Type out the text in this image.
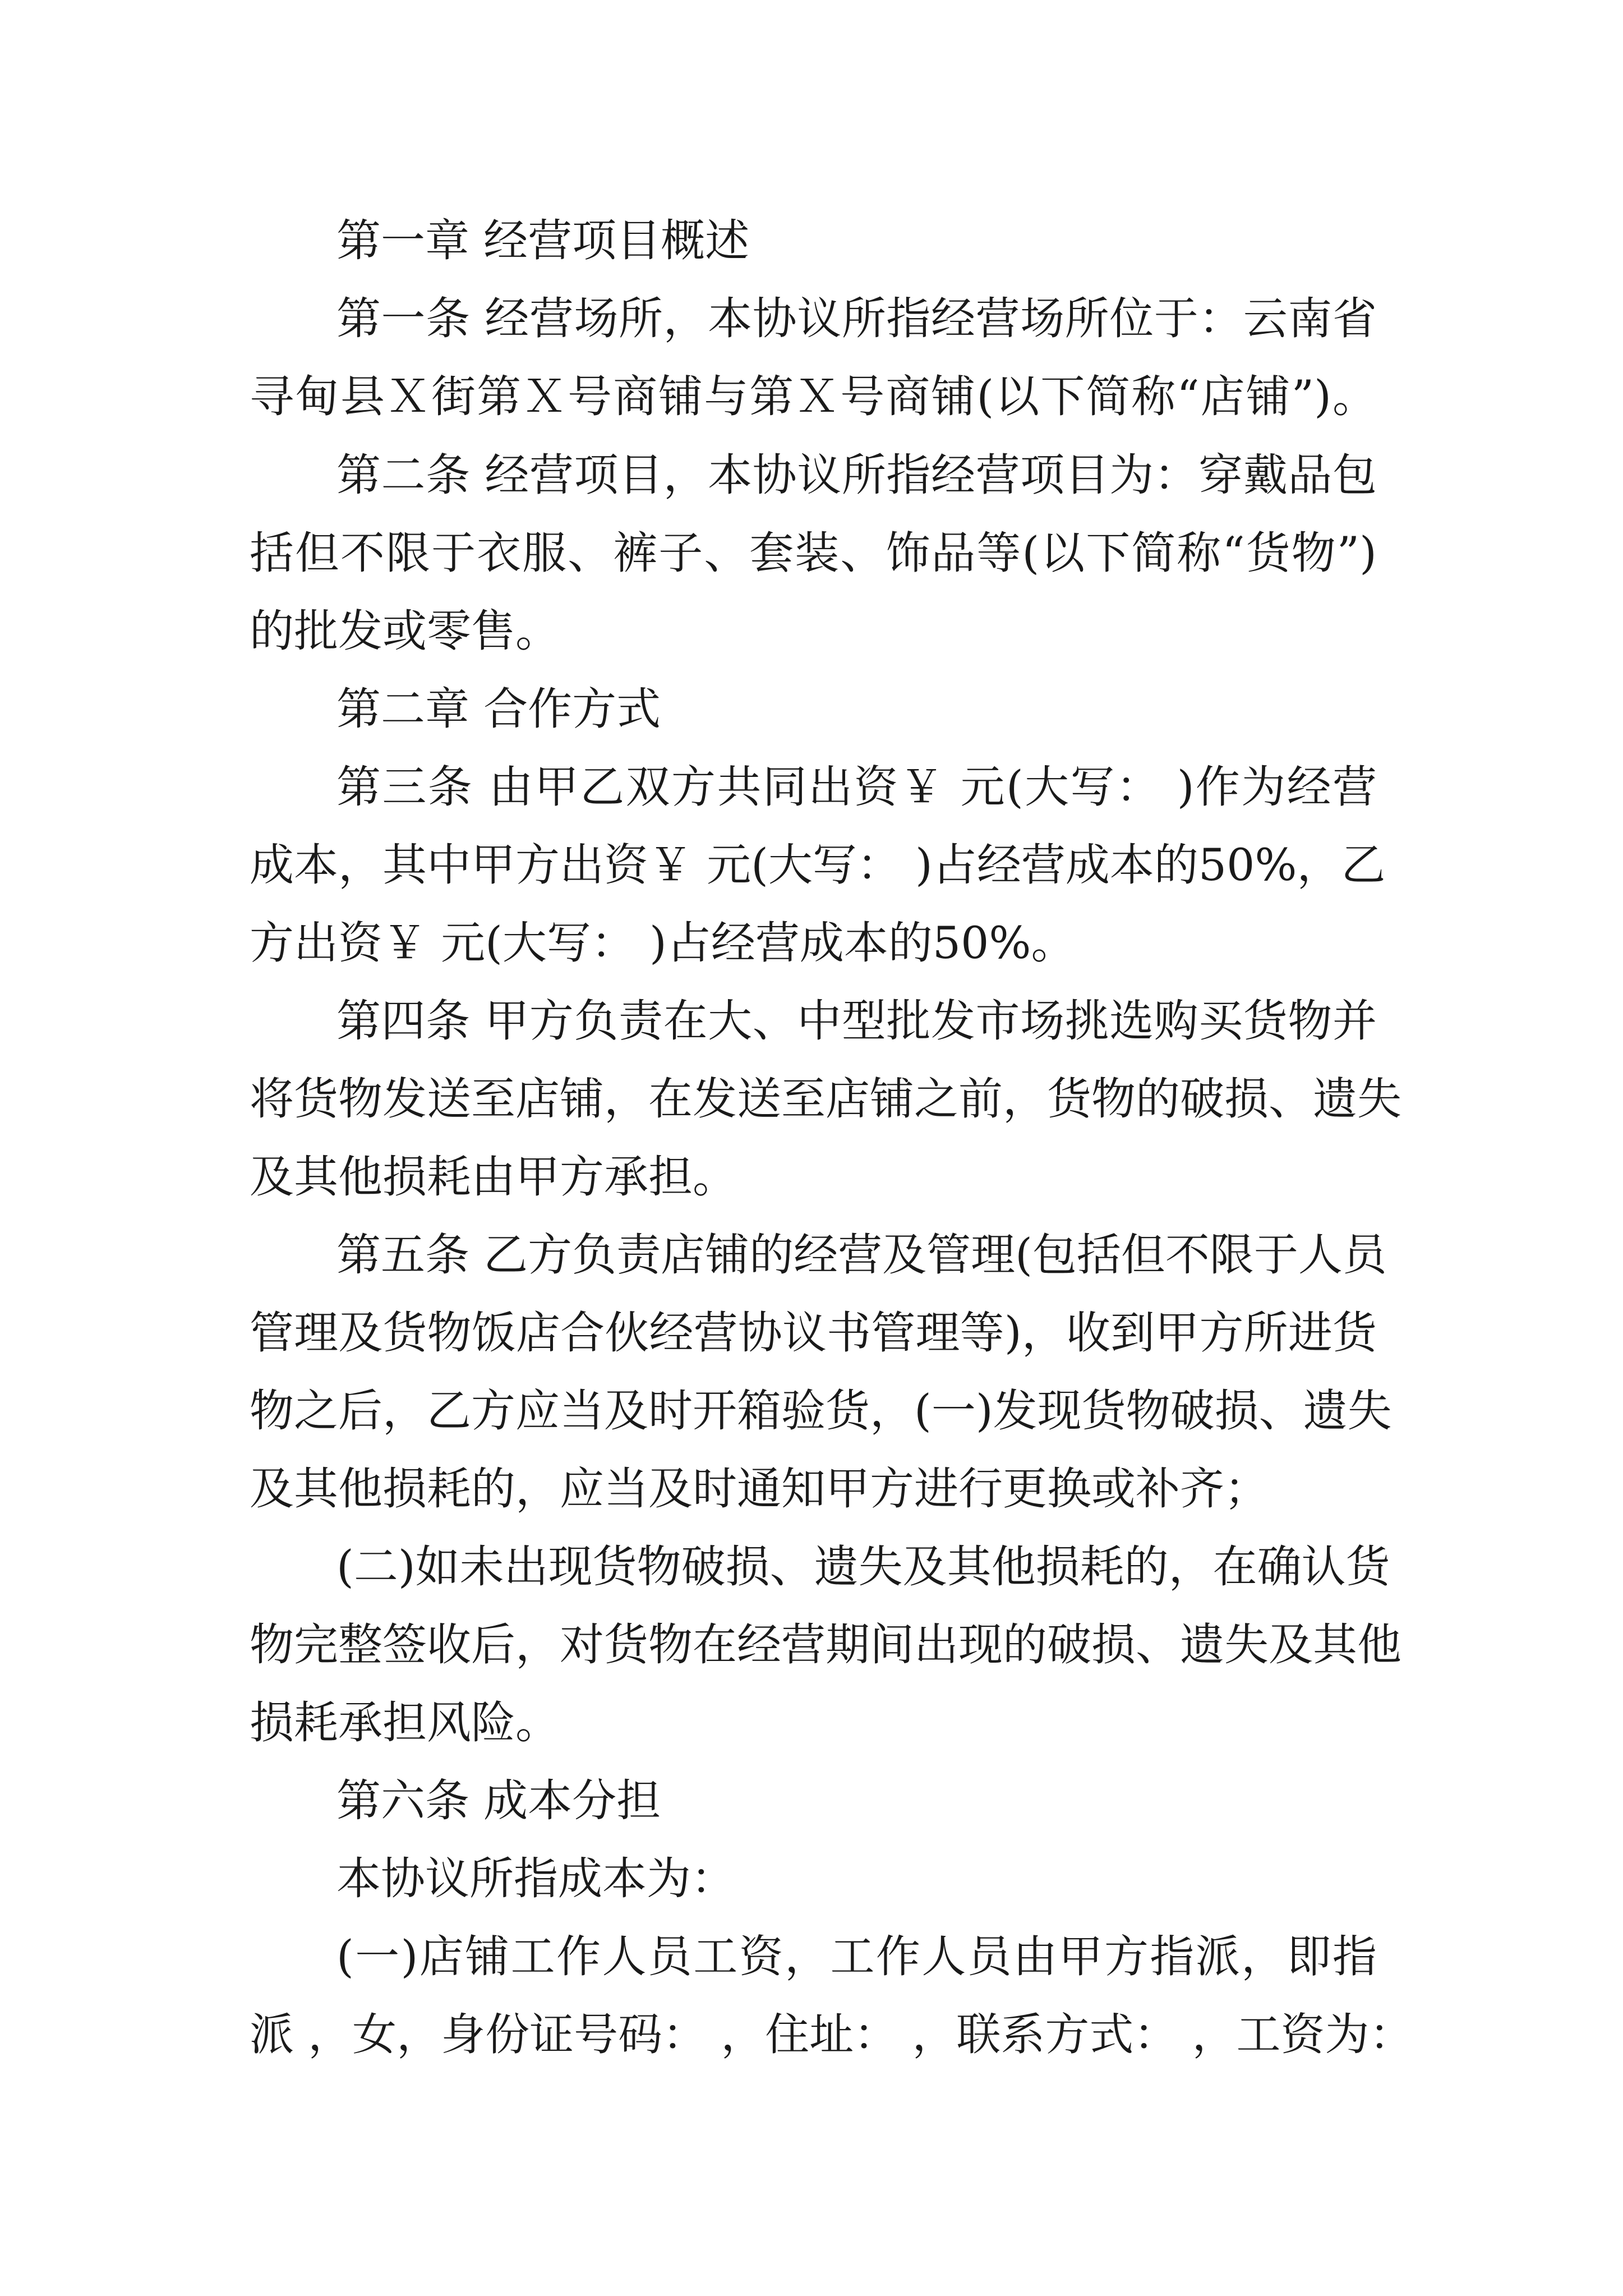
第一章 经营项目概述
第一条 经营场所，本协议所指经营场所位于：云南省
寻甸县Ｘ街第Ｘ号商铺与第Ｘ号商铺(以下简称“店铺”)。
第二条 经营项目，本协议所指经营项目为：穿戴品包
括但不限于衣服、裤子、套装、饰品等(以下简称“货物”)
的批发或零售。
第二章 合作方式
第三条 由甲乙双方共同出资￥ 元(大写： )作为经营
成本，其中甲方出资￥ 元(大写： )占经营成本的50%，乙
方出资￥ 元(大写： )占经营成本的50%。
第四条 甲方负责在大、中型批发市场挑选购买货物并
将货物发送至店铺，在发送至店铺之前，货物的破损、遗失
及其他损耗由甲方承担。
第五条 乙方负责店铺的经营及管理(包括但不限于人员
管理及货物饭店合伙经营协议书管理等)，收到甲方所进货
物之后，乙方应当及时开箱验货，(一)发现货物破损、遗失
及其他损耗的，应当及时通知甲方进行更换或补齐；
(二)如未出现货物破损、遗失及其他损耗的，在确认货
物完整签收后，对货物在经营期间出现的破损、遗失及其他
损耗承担风险。
第六条 成本分担
本协议所指成本为：
(一)店铺工作人员工资，工作人员由甲方指派，即指
派 ，女，身份证号码： ，住址： ，联系方式： ，工资为：
